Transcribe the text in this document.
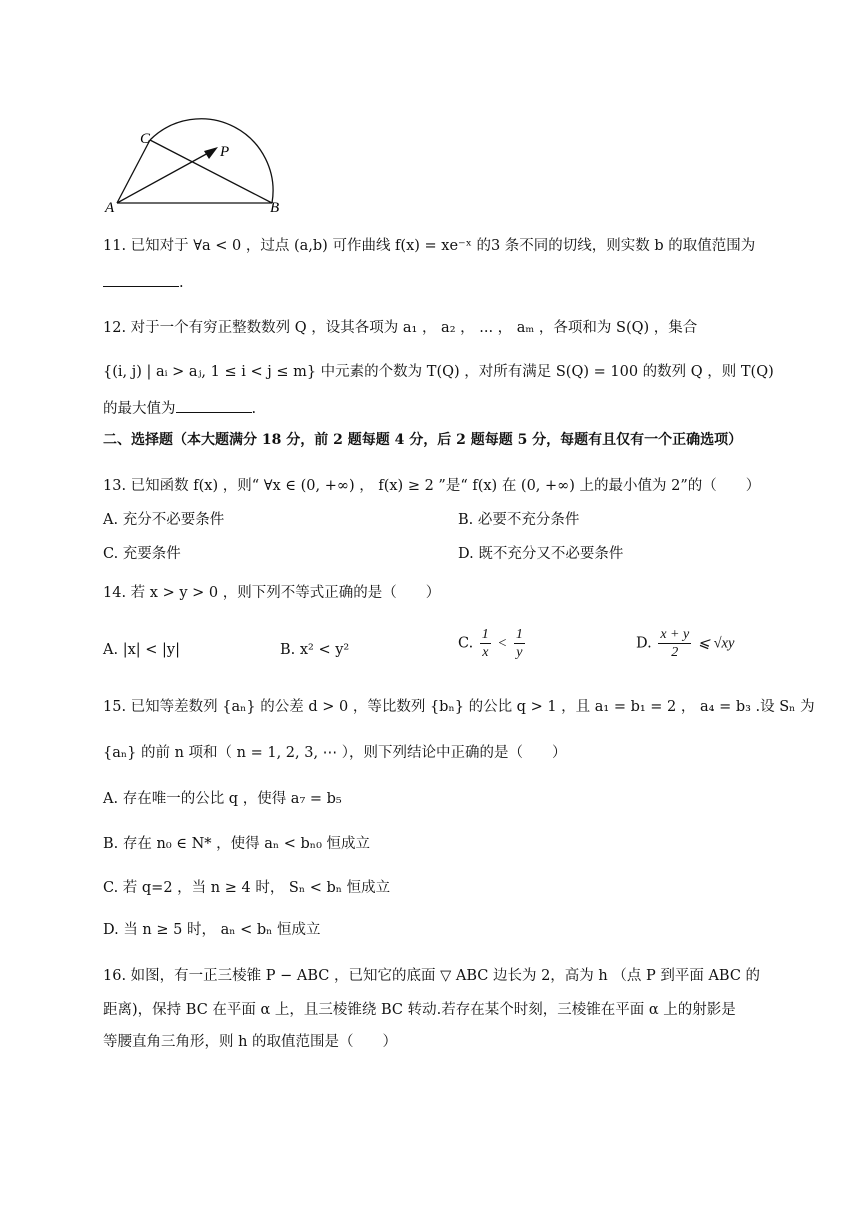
A	B
C
P
11. 已知对于 ∀a < 0 ，过点 (a,b) 可作曲线 f(x) = xe⁻ˣ 的3 条不同的切线，则实数 b 的取值范围为
.
12. 对于一个有穷正整数数列 Q ，设其各项为 a₁ ， a₂ ， ... ， aₘ ，各项和为 S(Q) ，集合
{(i, j) | aᵢ > aⱼ, 1 ≤ i < j ≤ m} 中元素的个数为 T(Q) ，对所有满足 S(Q) = 100 的数列 Q ，则 T(Q)
的最大值为	.
二、选择题（本大题满分 18 分，前 2 题每题 4 分，后 2 题每题 5 分，每题有且仅有一个正确选项）
13. 已知函数 f(x) ，则“ ∀x ∈ (0, +∞) ， f(x) ≥ 2 ”是“ f(x) 在 (0, +∞) 上的最小值为 2”的（　　）
A. 充分不必要条件	B. 必要不充分条件
C. 充要条件	D. 既不充分又不必要条件
14. 若 x > y > 0 ，则下列不等式正确的是（　　）
A. |x| < |y|	B. x² < y²	C. $\frac{1}{x} < \frac{1}{y}$	D. $\frac{x + y}{2}$ ⩽ √xy
15. 已知等差数列 {aₙ} 的公差 d > 0 ，等比数列 {bₙ} 的公比 q > 1 ，且 a₁ = b₁ = 2 ， a₄ = b₃ .设 Sₙ 为
{aₙ} 的前 n 项和（ n = 1, 2, 3, ⋯ ），则下列结论中正确的是（　　）
A. 存在唯一的公比 q ，使得 a₇ = b₅
B. 存在 n₀ ∈ N* ，使得 aₙ < bₙ₀ 恒成立
C. 若 q=2 ，当 n ≥ 4 时， Sₙ < bₙ 恒成立
D. 当 n ≥ 5 时， aₙ < bₙ 恒成立
16. 如图，有一正三棱锥 P − ABC ，已知它的底面 ▽ ABC 边长为 2，高为 h （点 P 到平面 ABC 的
距离)，保持 BC 在平面 α 上，且三棱锥绕 BC 转动.若存在某个时刻，三棱锥在平面 α 上的射影是
等腰直角三角形，则 h 的取值范围是（　　）
